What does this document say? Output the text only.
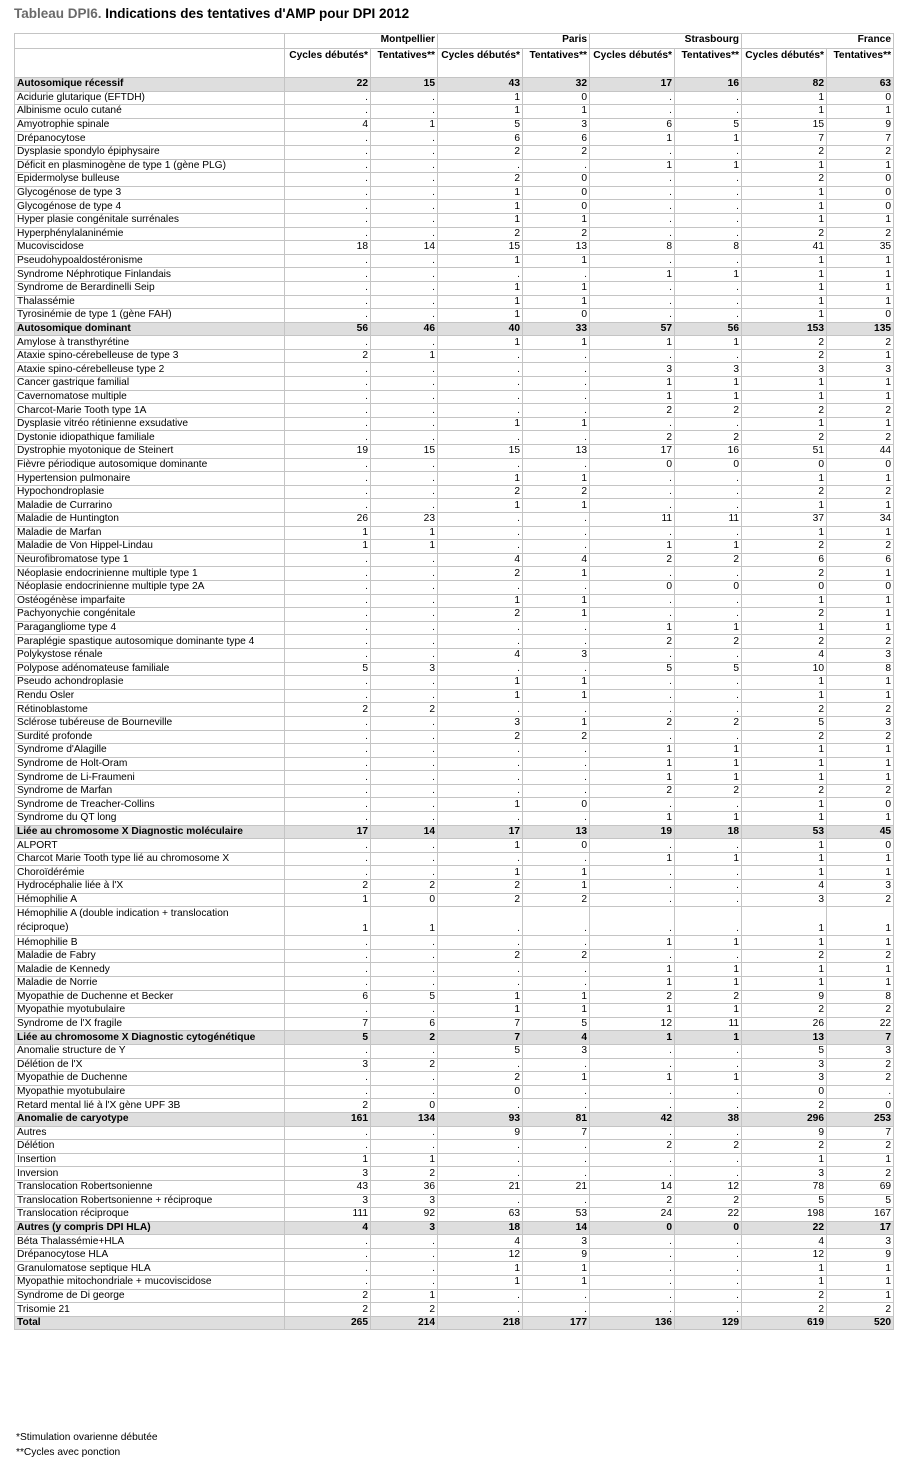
Tableau DPI6. Indications des tentatives d'AMP pour DPI 2012
	Montpellier		Paris		Strasbourg		France	
	Cycles débutés*	Tentatives**	Cycles débutés*	Tentatives**	Cycles débutés*	Tentatives**	Cycles débutés*	Tentatives**
Autosomique récessif	22	15	43	32	17	16	82	63
Acidurie glutarique (EFTDH)	.	.	1	0	.	.	1	0
Albinisme oculo cutané	.	.	1	1	.	.	1	1
Amyotrophie spinale	4	1	5	3	6	5	15	9
Drépanocytose	.	.	6	6	1	1	7	7
Dysplasie spondylo épiphysaire	.	.	2	2	.	.	2	2
Déficit en plasminogène de type 1 (gène PLG)	.	.	.	.	1	1	1	1
Epidermolyse bulleuse	.	.	2	0	.	.	2	0
Glycogénose de type 3	.	.	1	0	.	.	1	0
Glycogénose de type 4	.	.	1	0	.	.	1	0
Hyper plasie congénitale surrénales	.	.	1	1	.	.	1	1
Hyperphénylalaninémie	.	.	2	2	.	.	2	2
Mucoviscidose	18	14	15	13	8	8	41	35
Pseudohypoaldostéronisme	.	.	1	1	.	.	1	1
Syndrome Néphrotique Finlandais	.	.	.	.	1	1	1	1
Syndrome de Berardinelli Seip	.	.	1	1	.	.	1	1
Thalassémie	.	.	1	1	.	.	1	1
Tyrosinémie de type 1 (gène FAH)	.	.	1	0	.	.	1	0
Autosomique dominant	56	46	40	33	57	56	153	135
Amylose à transthyrétine	.	.	1	1	1	1	2	2
Ataxie spino-cérebelleuse de type 3	2	1	.	.	.	.	2	1
Ataxie spino-cérebelleuse type 2	.	.	.	.	3	3	3	3
Cancer gastrique familial	.	.	.	.	1	1	1	1
Cavernomatose multiple	.	.	.	.	1	1	1	1
Charcot-Marie Tooth type 1A	.	.	.	.	2	2	2	2
Dysplasie vitréo rétinienne exsudative	.	.	1	1	.	.	1	1
Dystonie idiopathique familiale	.	.	.	.	2	2	2	2
Dystrophie myotonique de Steinert	19	15	15	13	17	16	51	44
Fièvre périodique autosomique dominante	.	.	.	.	0	0	0	0
Hypertension pulmonaire	.	.	1	1	.	.	1	1
Hypochondroplasie	.	.	2	2	.	.	2	2
Maladie de Currarino	.	.	1	1	.	.	1	1
Maladie de Huntington	26	23	.	.	11	11	37	34
Maladie de Marfan	1	1	.	.	.	.	1	1
Maladie de Von Hippel-Lindau	1	1	.	.	1	1	2	2
Neurofibromatose type 1	.	.	4	4	2	2	6	6
Néoplasie endocrinienne multiple type 1	.	.	2	1	.	.	2	1
Néoplasie endocrinienne multiple type 2A	.	.	.	.	0	0	0	0
Ostéogénèse imparfaite	.	.	1	1	.	.	1	1
Pachyonychie congénitale	.	.	2	1	.	.	2	1
Paragangliome type 4	.	.	.	.	1	1	1	1
Paraplégie spastique autosomique dominante type 4	.	.	.	.	2	2	2	2
Polykystose rénale	.	.	4	3	.	.	4	3
Polypose adénomateuse familiale	5	3	.	.	5	5	10	8
Pseudo achondroplasie	.	.	1	1	.	.	1	1
Rendu Osler	.	.	1	1	.	.	1	1
Rétinoblastome	2	2	.	.	.	.	2	2
Sclérose tubéreuse de Bourneville	.	.	3	1	2	2	5	3
Surdité profonde	.	.	2	2	.	.	2	2
Syndrome d'Alagille	.	.	.	.	1	1	1	1
Syndrome de Holt-Oram	.	.	.	.	1	1	1	1
Syndrome de Li-Fraumeni	.	.	.	.	1	1	1	1
Syndrome de Marfan	.	.	.	.	2	2	2	2
Syndrome de Treacher-Collins	.	.	1	0	.	.	1	0
Syndrome du QT long	.	.	.	.	1	1	1	1
Liée au chromosome X Diagnostic moléculaire	17	14	17	13	19	18	53	45
ALPORT	.	.	1	0	.	.	1	0
Charcot Marie Tooth type lié au chromosome X	.	.	.	.	1	1	1	1
Choroïdérémie	.	.	1	1	.	.	1	1
Hydrocéphalie liée à l'X	2	2	2	1	.	.	4	3
Hémophilie A	1	0	2	2	.	.	3	2
Hémophilie A (double indication + translocation réciproque)	1	1	.	.	.	.	1	1
Hémophilie B	.	.	.	.	1	1	1	1
Maladie de Fabry	.	.	2	2	.	.	2	2
Maladie de Kennedy	.	.	.	.	1	1	1	1
Maladie de Norrie	.	.	.	.	1	1	1	1
Myopathie de Duchenne et Becker	6	5	1	1	2	2	9	8
Myopathie myotubulaire	.	.	1	1	1	1	2	2
Syndrome de l'X fragile	7	6	7	5	12	11	26	22
Liée au chromosome X Diagnostic cytogénétique	5	2	7	4	1	1	13	7
Anomalie structure de Y	.	.	5	3	.	.	5	3
Délétion de l'X	3	2	.	.	.	.	3	2
Myopathie de Duchenne	.	.	2	1	1	1	3	2
Myopathie myotubulaire	.	.	0	.	.	.	0	.
Retard mental lié à l'X gène UPF 3B	2	0	.	.	.	.	2	0
Anomalie de caryotype	161	134	93	81	42	38	296	253
Autres	.	.	9	7	.	.	9	7
Délétion	.	.	.	.	2	2	2	2
Insertion	1	1	.	.	.	.	1	1
Inversion	3	2	.	.	.	.	3	2
Translocation Robertsonienne	43	36	21	21	14	12	78	69
Translocation Robertsonienne + réciproque	3	3	.	.	2	2	5	5
Translocation réciproque	111	92	63	53	24	22	198	167
Autres (y compris DPI HLA)	4	3	18	14	0	0	22	17
Béta Thalassémie+HLA	.	.	4	3	.	.	4	3
Drépanocytose HLA	.	.	12	9	.	.	12	9
Granulomatose septique HLA	.	.	1	1	.	.	1	1
Myopathie mitochondriale + mucoviscidose	.	.	1	1	.	.	1	1
Syndrome de Di george	2	1	.	.	.	.	2	1
Trisomie 21	2	2	.	.	.	.	2	2
Total	265	214	218	177	136	129	619	520
*Stimulation ovarienne débutée
**Cycles avec ponction
